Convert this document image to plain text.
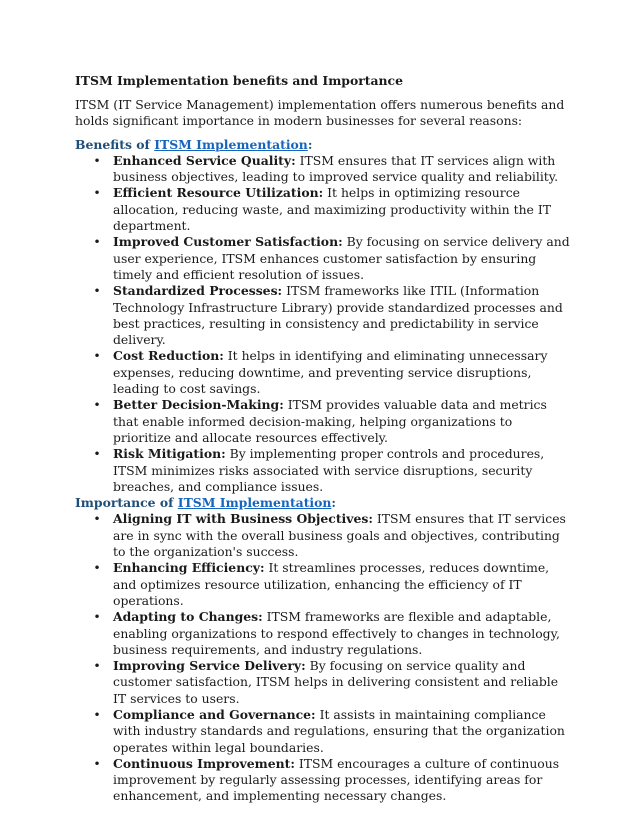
ITSM Implementation benefits and Importance

ITSM (IT Service Management) implementation offers numerous benefits and holds significant importance in modern businesses for several reasons:

Benefits of ITSM Implementation:

• Enhanced Service Quality: ITSM ensures that IT services align with business objectives, leading to improved service quality and reliability.
• Efficient Resource Utilization: It helps in optimizing resource allocation, reducing waste, and maximizing productivity within the IT department.
• Improved Customer Satisfaction: By focusing on service delivery and user experience, ITSM enhances customer satisfaction by ensuring timely and efficient resolution of issues.
• Standardized Processes: ITSM frameworks like ITIL (Information Technology Infrastructure Library) provide standardized processes and best practices, resulting in consistency and predictability in service delivery.
• Cost Reduction: It helps in identifying and eliminating unnecessary expenses, reducing downtime, and preventing service disruptions, leading to cost savings.
• Better Decision-Making: ITSM provides valuable data and metrics that enable informed decision-making, helping organizations to prioritize and allocate resources effectively.
• Risk Mitigation: By implementing proper controls and procedures, ITSM minimizes risks associated with service disruptions, security breaches, and compliance issues.

Importance of ITSM Implementation:

• Aligning IT with Business Objectives: ITSM ensures that IT services are in sync with the overall business goals and objectives, contributing to the organization's success.
• Enhancing Efficiency: It streamlines processes, reduces downtime, and optimizes resource utilization, enhancing the efficiency of IT operations.
• Adapting to Changes: ITSM frameworks are flexible and adaptable, enabling organizations to respond effectively to changes in technology, business requirements, and industry regulations.
• Improving Service Delivery: By focusing on service quality and customer satisfaction, ITSM helps in delivering consistent and reliable IT services to users.
• Compliance and Governance: It assists in maintaining compliance with industry standards and regulations, ensuring that the organization operates within legal boundaries.
• Continuous Improvement: ITSM encourages a culture of continuous improvement by regularly assessing processes, identifying areas for enhancement, and implementing necessary changes.
